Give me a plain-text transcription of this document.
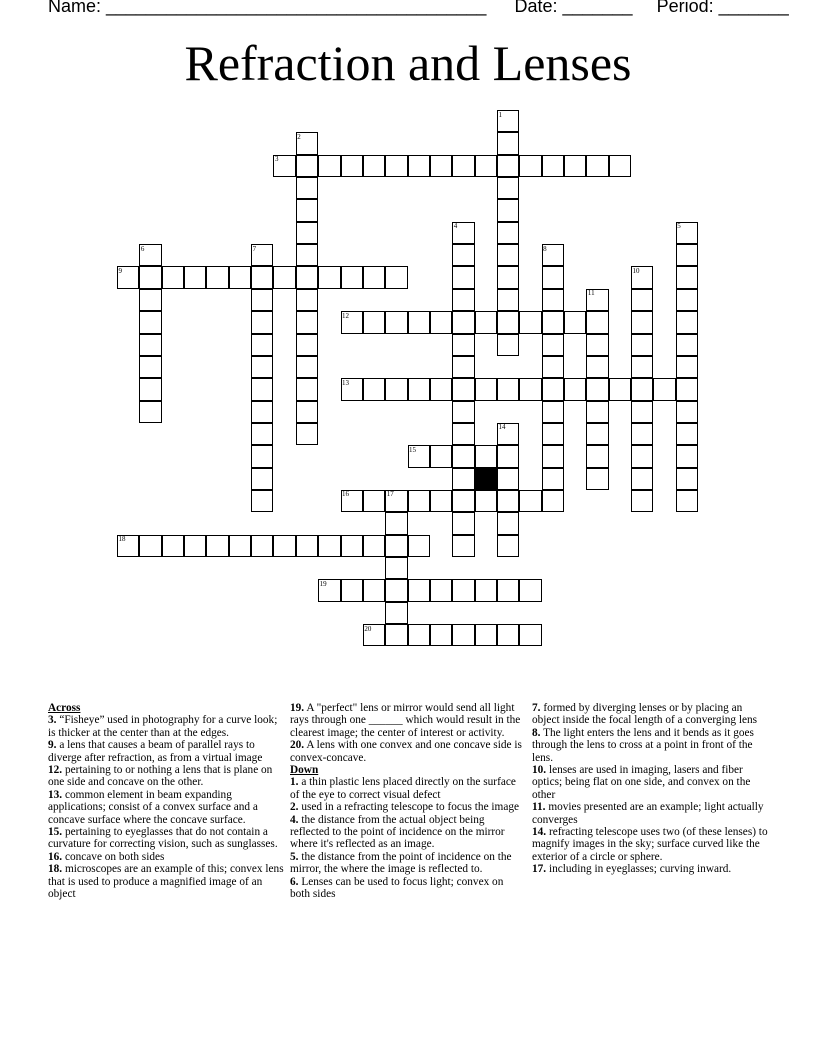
Name: ______________________________________ Date: _______ Period: _______
Refraction and Lenses
1
2
3
4	5
6	7	8
9	10
11
12
13
14
15
16	17
18
19
20

Across

3. “Fisheye” used in photography for a curve look; is thicker at the center than at the edges.

9. a lens that causes a beam of parallel rays to diverge after refraction, as from a virtual image

12. pertaining to or nothing a lens that is plane on one side and concave on the other.

13. common element in beam expanding applications; consist of a convex surface and a concave surface where the concave surface.

15. pertaining to eyeglasses that do not contain a curvature for correcting vision, such as sunglasses.

16. concave on both sides

18. microscopes are an example of this; convex lens that is used to produce a magnified image of an object

19. A "perfect" lens or mirror would send all light rays through one ______ which would result in the clearest image; the center of interest or activity.

20. A lens with one convex and one concave side is convex-concave.

Down

1. a thin plastic lens placed directly on the surface of the eye to correct visual defect

2. used in a refracting telescope to focus the image

4. the distance from the actual object being reflected to the point of incidence on the mirror where it's reflected as an image.

5. the distance from the point of incidence on the mirror, the where the image is reflected to.

6. Lenses can be used to focus light; convex on both sides

7. formed by diverging lenses or by placing an object inside the focal length of a converging lens

8. The light enters the lens and it bends as it goes through the lens to cross at a point in front of the lens.

10. lenses are used in imaging, lasers and fiber optics; being flat on one side, and convex on the other

11. movies presented are an example; light actually converges

14. refracting telescope uses two (of these lenses) to magnify images in the sky; surface curved like the exterior of a circle or sphere.

17. including in eyeglasses; curving inward.
